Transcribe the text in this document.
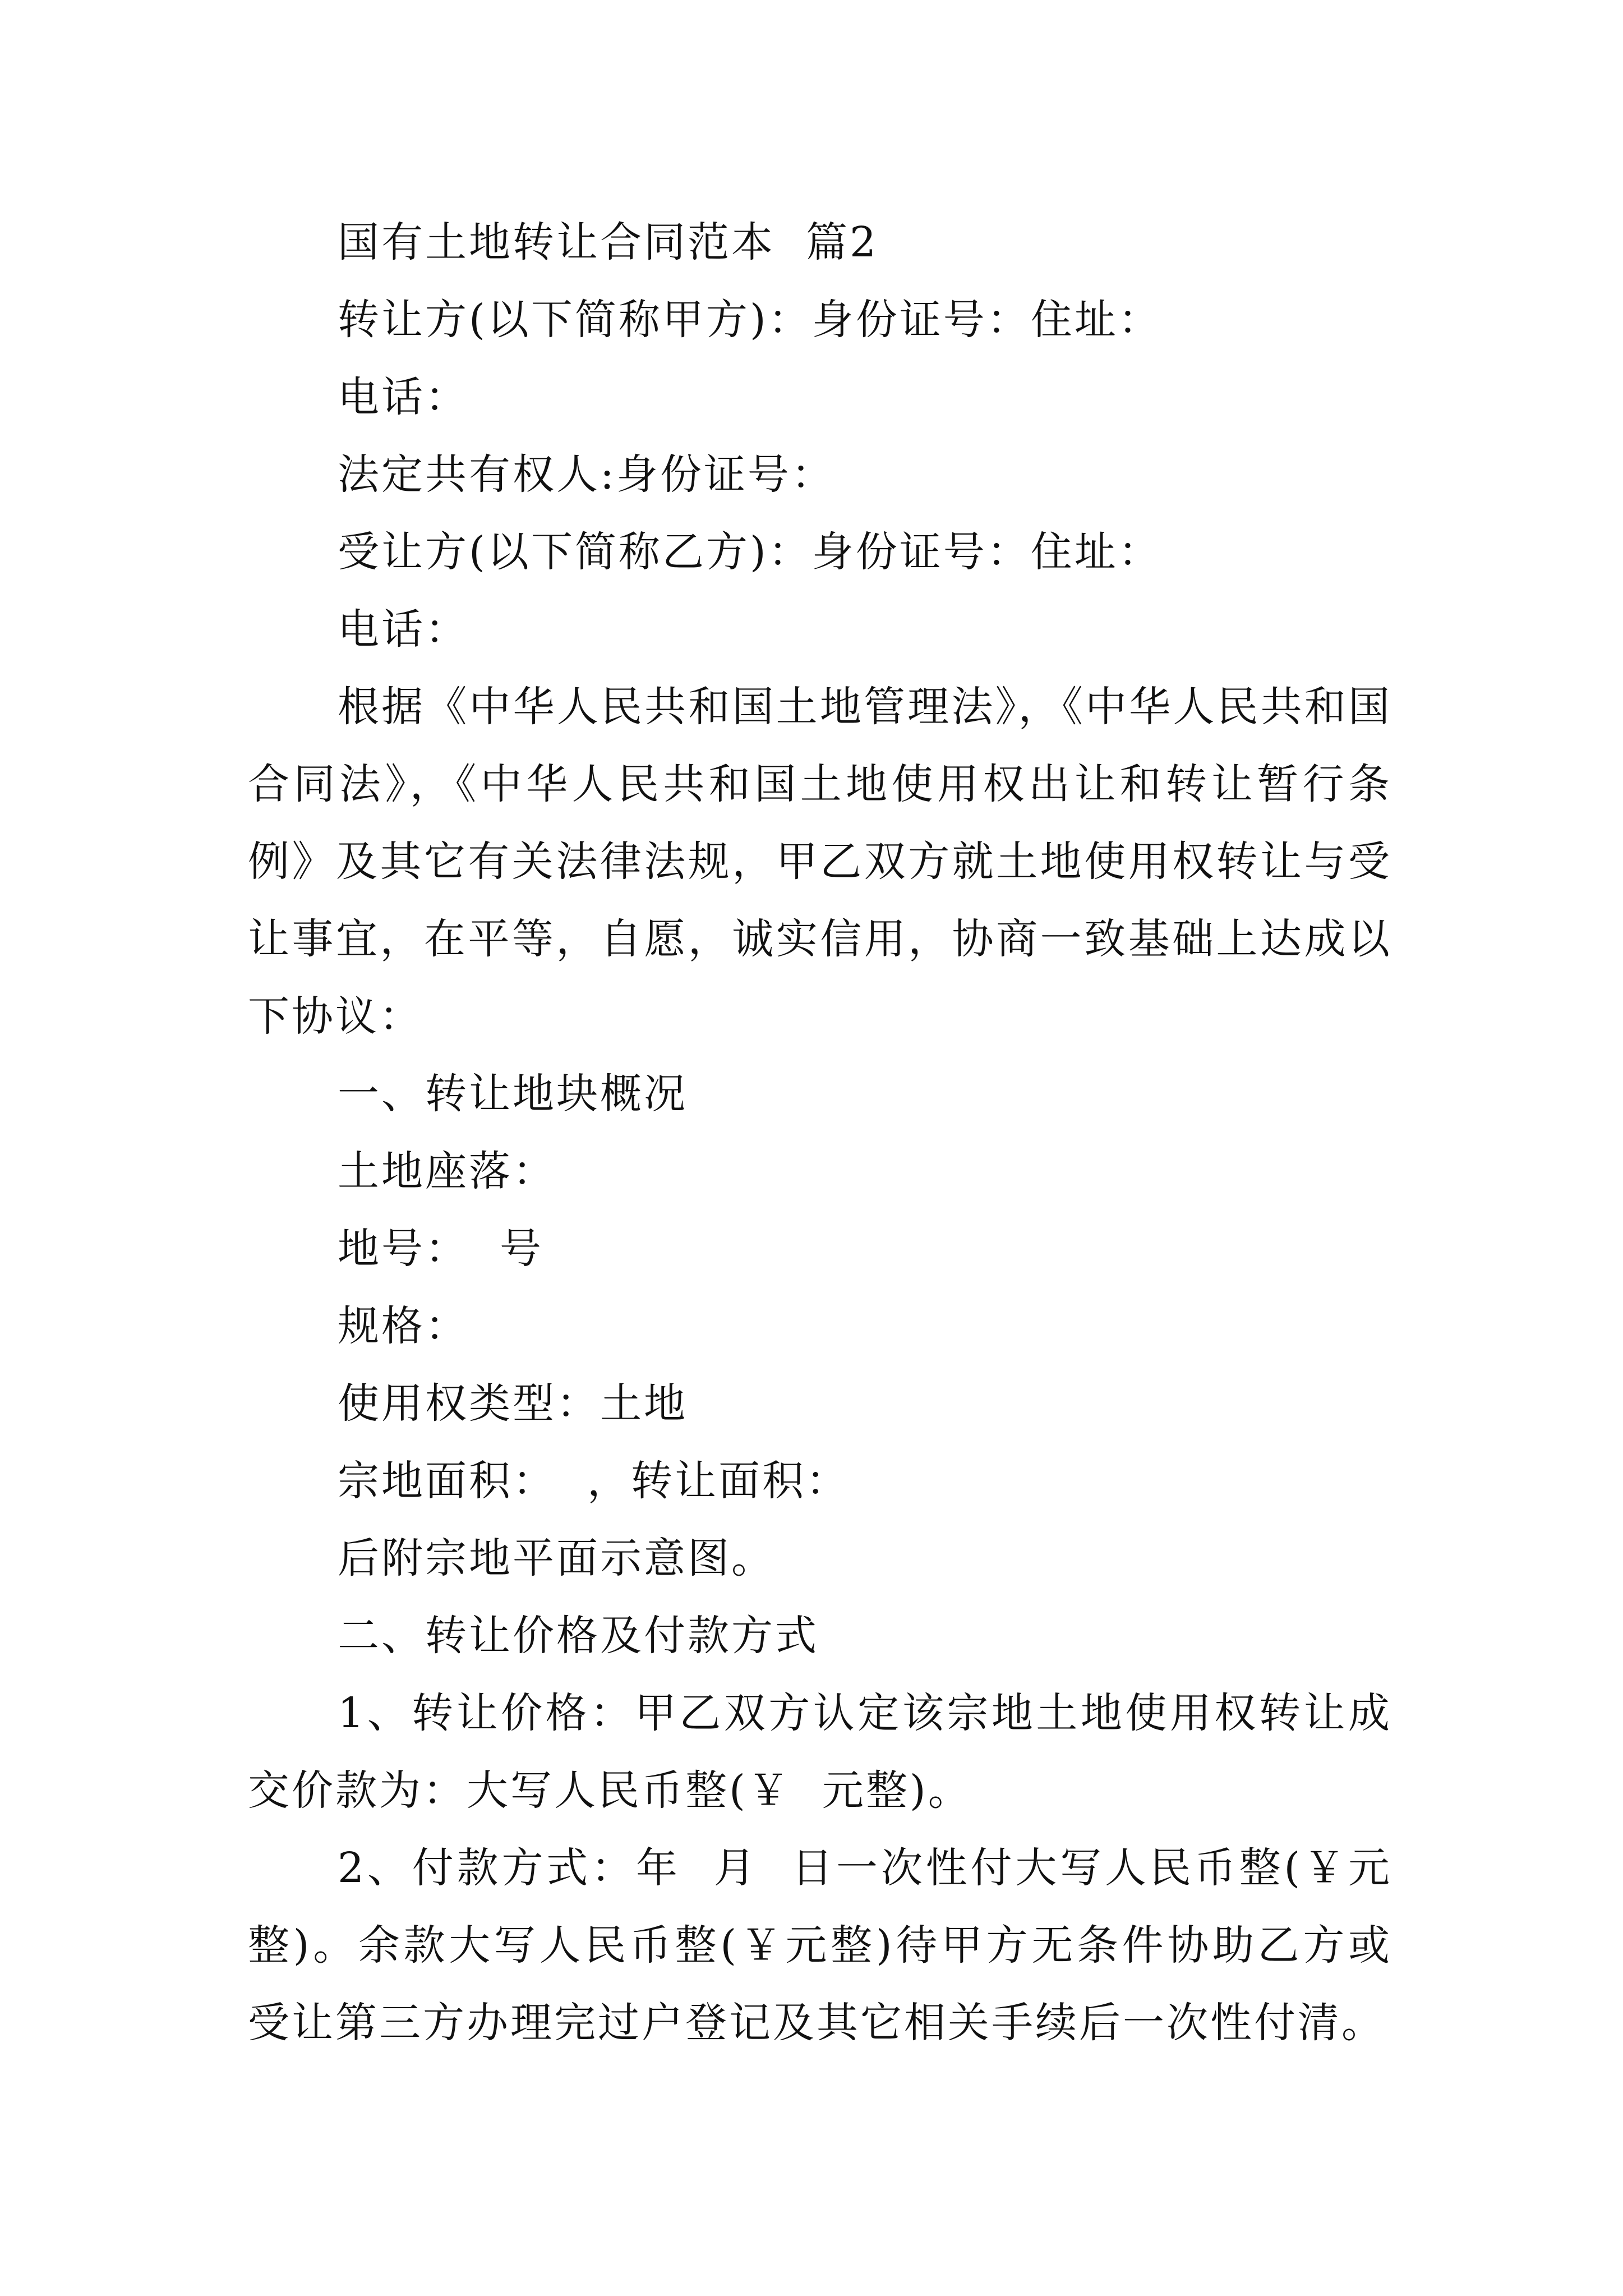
国有土地转让合同范本  篇2

转让方(以下简称甲方)：身份证号：住址：

电话：

法定共有权人:身份证号：

受让方(以下简称乙方)：身份证号：住址：

电话：

根据《中华人民共和国土地管理法》，《中华人民共和国合同法》，《中华人民共和国土地使用权出让和转让暂行条例》及其它有关法律法规，甲乙双方就土地使用权转让与受让事宜，在平等，自愿，诚实信用，协商一致基础上达成以下协议：

一、转让地块概况

土地座落：

地号：  号

规格：

使用权类型：土地

宗地面积：  ，转让面积：

后附宗地平面示意图。

二、转让价格及付款方式

1、转让价格：甲乙双方认定该宗地土地使用权转让成交价款为：大写人民币整(￥  元整)。

2、付款方式：年  月  日一次性付大写人民币整(￥元整)。余款大写人民币整(￥元整)待甲方无条件协助乙方或受让第三方办理完过户登记及其它相关手续后一次性付清。
